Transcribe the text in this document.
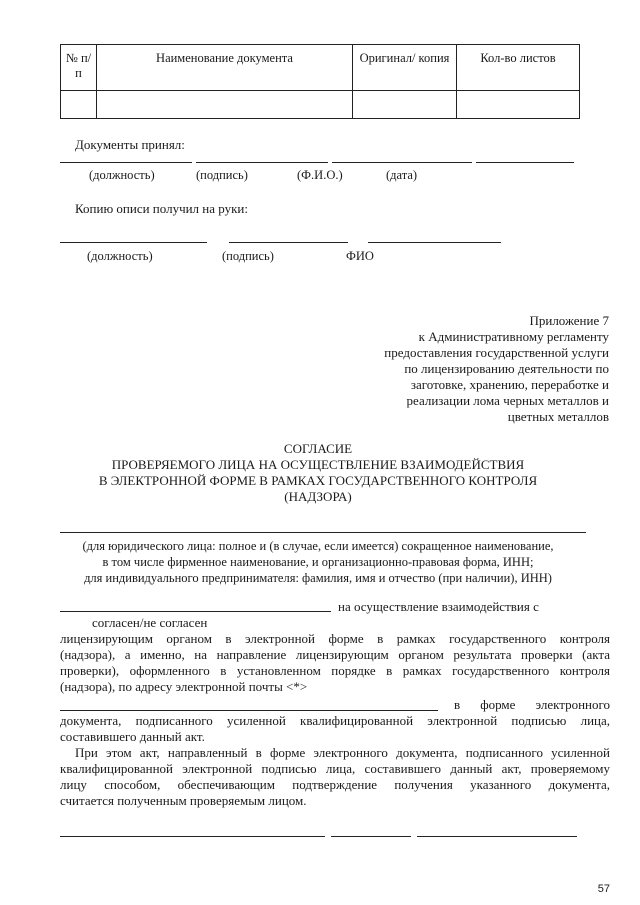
№ п/п	Наименование документа	Оригинал/ копия	Кол-во листов

Документы принял:
(должность)	(подпись)	(Ф.И.О.)	(дата)
Копию описи получил на руки:
(должность)	(подпись)	ФИО
Приложение 7
к Административному регламенту
предоставления государственной услуги
по лицензированию деятельности по
заготовке, хранению, переработке и
реализации лома черных металлов и
цветных металлов
СОГЛАСИЕ
ПРОВЕРЯЕМОГО ЛИЦА НА ОСУЩЕСТВЛЕНИЕ ВЗАИМОДЕЙСТВИЯ
В ЭЛЕКТРОННОЙ ФОРМЕ В РАМКАХ ГОСУДАРСТВЕННОГО КОНТРОЛЯ
(НАДЗОРА)
(для юридического лица: полное и (в случае, если имеется) сокращенное наименование,
в том числе фирменное наименование, и организационно-правовая форма, ИНН;
для индивидуального предпринимателя: фамилия, имя и отчество (при наличии), ИНН)
на осуществление взаимодействия с
согласен/не согласен
лицензирующим органом в электронной форме в рамках государственного контроля
(надзора), а именно, на направление лицензирующим органом результата проверки (акта
проверки), оформленного в установленном порядке в рамках государственного контроля
(надзора), по адресу электронной почты <*>
в форме электронного
документа, подписанного усиленной квалифицированной электронной подписью лица,
составившего данный акт.
При этом акт, направленный в форме электронного документа, подписанного усиленной
квалифицированной электронной подписью лица, составившего данный акт, проверяемому
лицу способом, обеспечивающим подтверждение получения указанного документа,
считается полученным проверяемым лицом.
57
